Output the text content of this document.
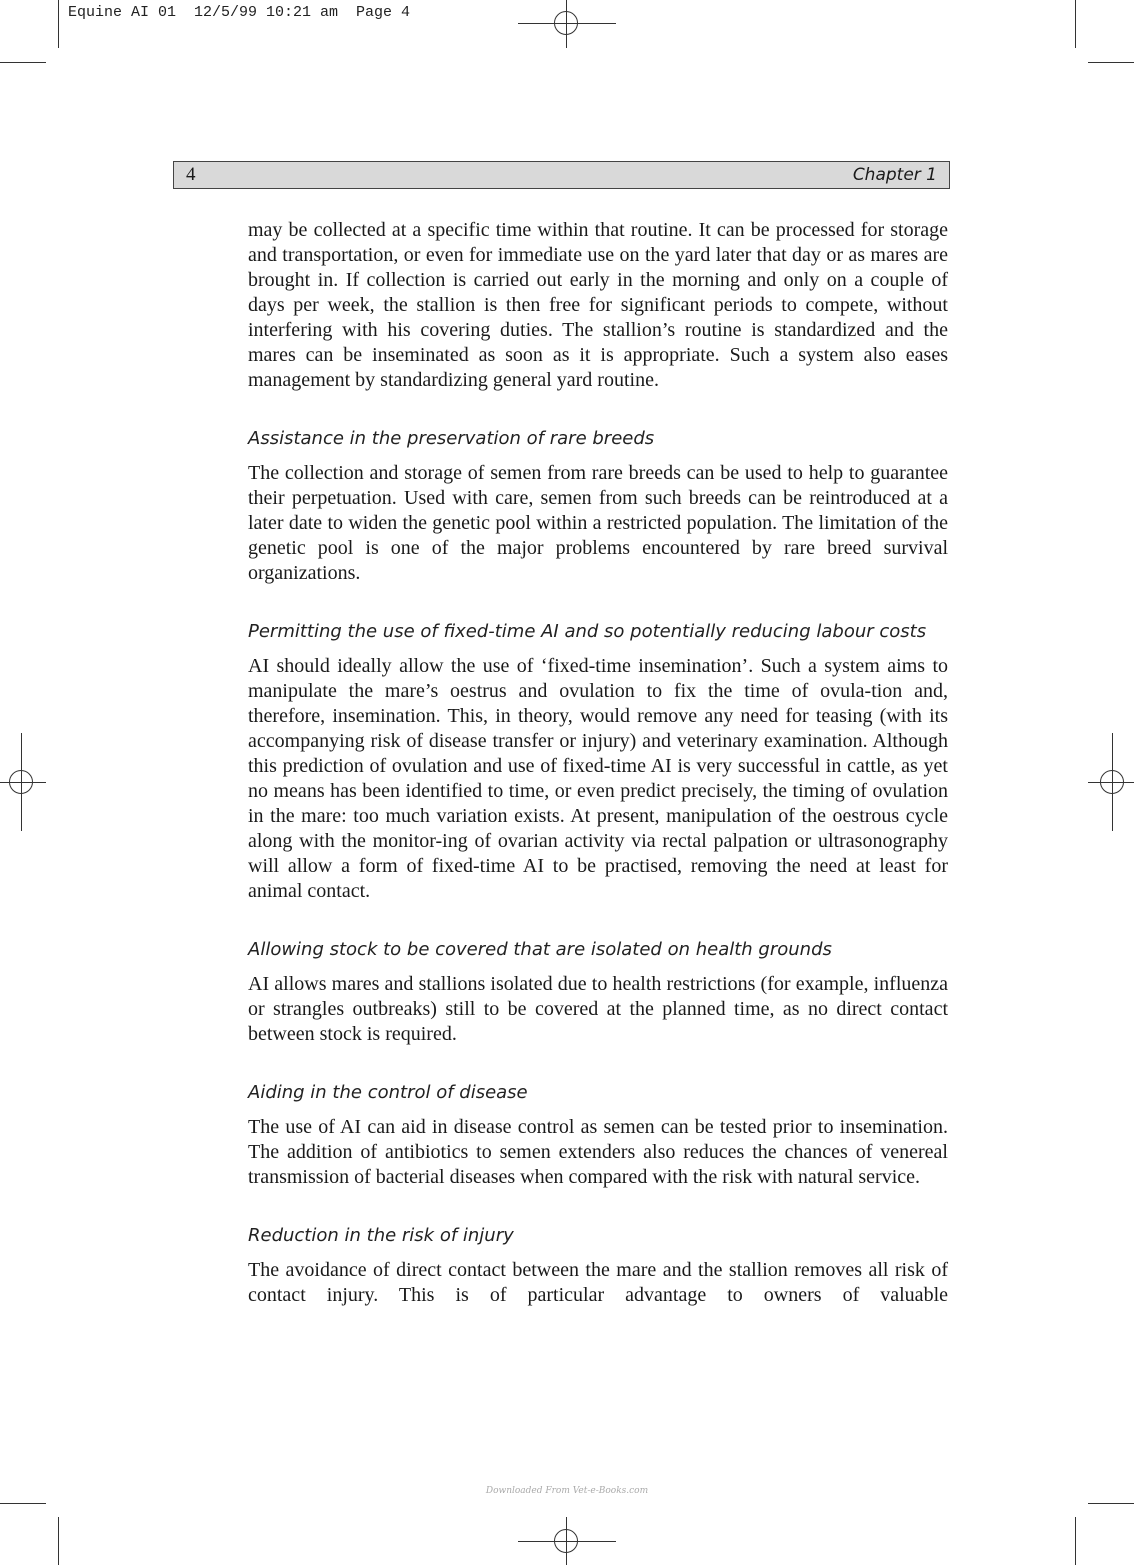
Equine AI 01  12/5/99 10:21 am  Page 4
4	Chapter 1

may be collected at a specific time within that routine. It can be processed for storage and transportation, or even for immediate use on the yard later that day or as mares are brought in. If collection is carried out early in the morning and only on a couple of days per week, the stallion is then free for significant periods to compete, without interfering with his covering duties. The stallion’s routine is standardized and the mares can be inseminated as soon as it is appropriate. Such a system also eases management by standardizing general yard routine.

Assistance in the preservation of rare breeds

The collection and storage of semen from rare breeds can be used to help to guarantee their perpetuation. Used with care, semen from such breeds can be reintroduced at a later date to widen the genetic pool within a restricted population. The limitation of the genetic pool is one of the major problems encountered by rare breed survival organizations.

Permitting the use of fixed-time AI and so potentially reducing labour costs

AI should ideally allow the use of ‘fixed-time insemination’. Such a system aims to manipulate the mare’s oestrus and ovulation to fix the time of ovula-tion and, therefore, insemination. This, in theory, would remove any need for teasing (with its accompanying risk of disease transfer or injury) and veterinary examination. Although this prediction of ovulation and use of fixed-time AI is very successful in cattle, as yet no means has been identified to time, or even predict precisely, the timing of ovulation in the mare: too much variation exists. At present, manipulation of the oestrous cycle along with the monitor-ing of ovarian activity via rectal palpation or ultrasonography will allow a form of fixed-time AI to be practised, removing the need at least for animal contact.

Allowing stock to be covered that are isolated on health grounds

AI allows mares and stallions isolated due to health restrictions (for example, influenza or strangles outbreaks) still to be covered at the planned time, as no direct contact between stock is required.

Aiding in the control of disease

The use of AI can aid in disease control as semen can be tested prior to insemination. The addition of antibiotics to semen extenders also reduces the chances of venereal transmission of bacterial diseases when compared with the risk with natural service.

Reduction in the risk of injury

The avoidance of direct contact between the mare and the stallion removes all risk of contact injury. This is of particular advantage to owners of valuable

Downloaded From Vet-e-Books.com
